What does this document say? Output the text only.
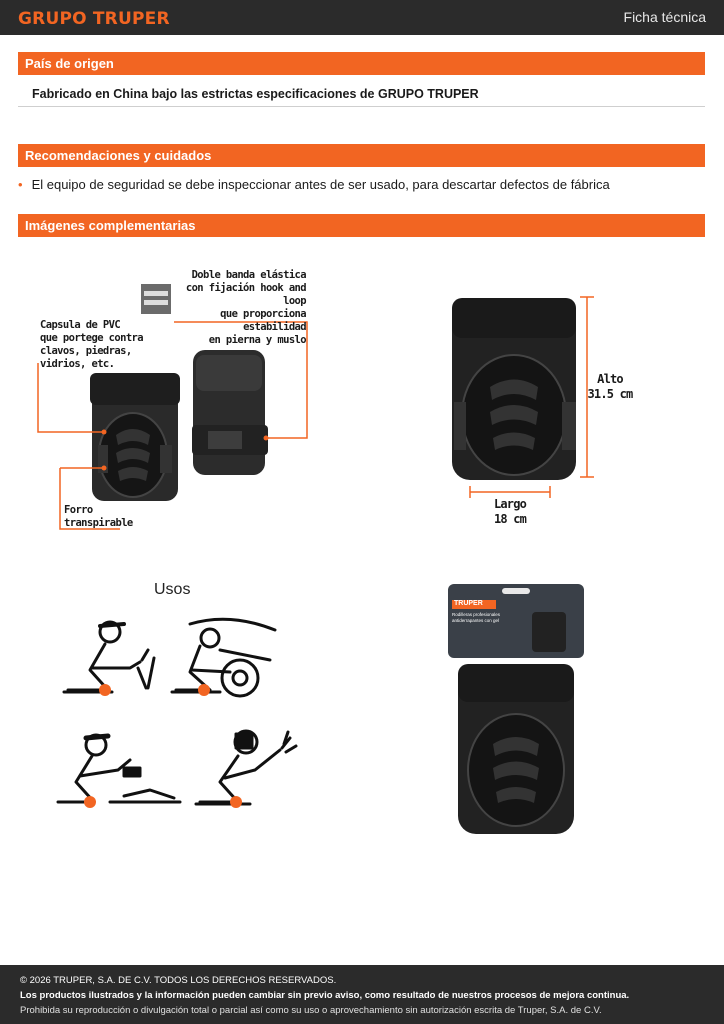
GRUPO TRUPER	Ficha técnica
País de origen
Fabricado en China bajo las estrictas especificaciones de GRUPO TRUPER
Recomendaciones y cuidados
• El equipo de seguridad se debe inspeccionar antes de ser usado, para descartar defectos de fábrica
Imágenes complementarias
Doble banda elástica
con fijación hook and loop
que proporciona estabilidad
en pierna y muslo
Capsula de PVC
que portege contra
clavos, piedras, vidrios, etc.
Forro
transpirable
Alto
31.5 cm
Largo
18 cm
Usos
TRUPER
Rodilleras profesionales
antiderrapantes con gel
© 2026 TRUPER, S.A. DE C.V. TODOS LOS DERECHOS RESERVADOS.
Los productos ilustrados y la información pueden cambiar sin previo aviso, como resultado de nuestros procesos de mejora continua.
Prohibida su reproducción o divulgación total o parcial así como su uso o aprovechamiento sin autorización escrita de Truper, S.A. de C.V.
